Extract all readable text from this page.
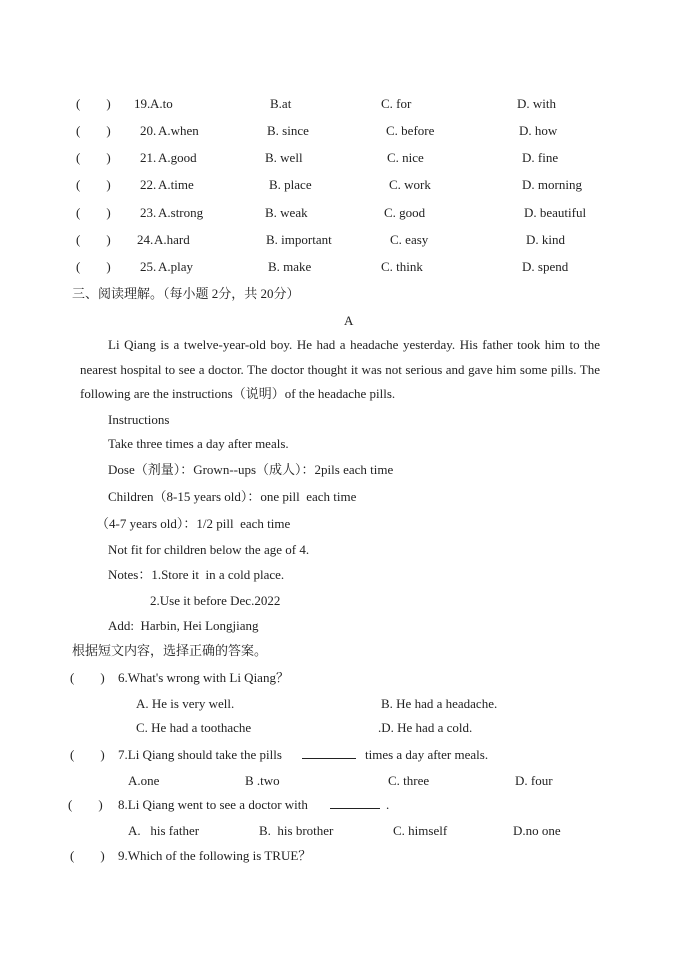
(　　) 19. A.to	B.at	C. for	D. with
(　　) 20. A.when	B. since	C. before	D. how
(　　) 21. A.good	B. well	C. nice	D. fine
(　　) 22. A.time	B. place	C. work	D. morning
(　　) 23. A.strong	B. weak	C. good	D. beautiful
(　　) 24. A.hard	B. important	C. easy	D. kind
(　　) 25. A.play	B. make	C. think	D. spend
三、阅读理解。（每小题 2分，共 20分）
A
Li Qiang is a twelve-year-old boy. He had a headache yesterday. His father took him to the nearest hospital to see a doctor. The doctor thought it was not serious and gave him some pills. The following are the instructions（说明）of the headache pills.
Instructions
Take three times a day after meals.
Dose（剂量）：Grown--ups（成人）：2pils each time
Children（8-15 years old）：one pill  each time
（4-7 years old）：1/2 pill  each time
Not fit for children below the age of 4.
Notes：1.Store it  in a cold place.
2.Use it before Dec.2022
Add:  Harbin, Hei Longjiang
根据短文内容，选择正确的答案。
(　　) 6.What's wrong with Li Qiang？
A. He is very well.	B. He had a headache.
C. He had a toothache	.D. He had a cold.
(　　) 7.Li Qiang should take the pills	times a day after meals.
A.one	B .two	C. three	D. four
(　　) 8.Li Qiang went to see a doctor with	.
A.   his father	B.  his brother	C. himself	D.no one
(　　) 9.Which of the following is TRUE？
